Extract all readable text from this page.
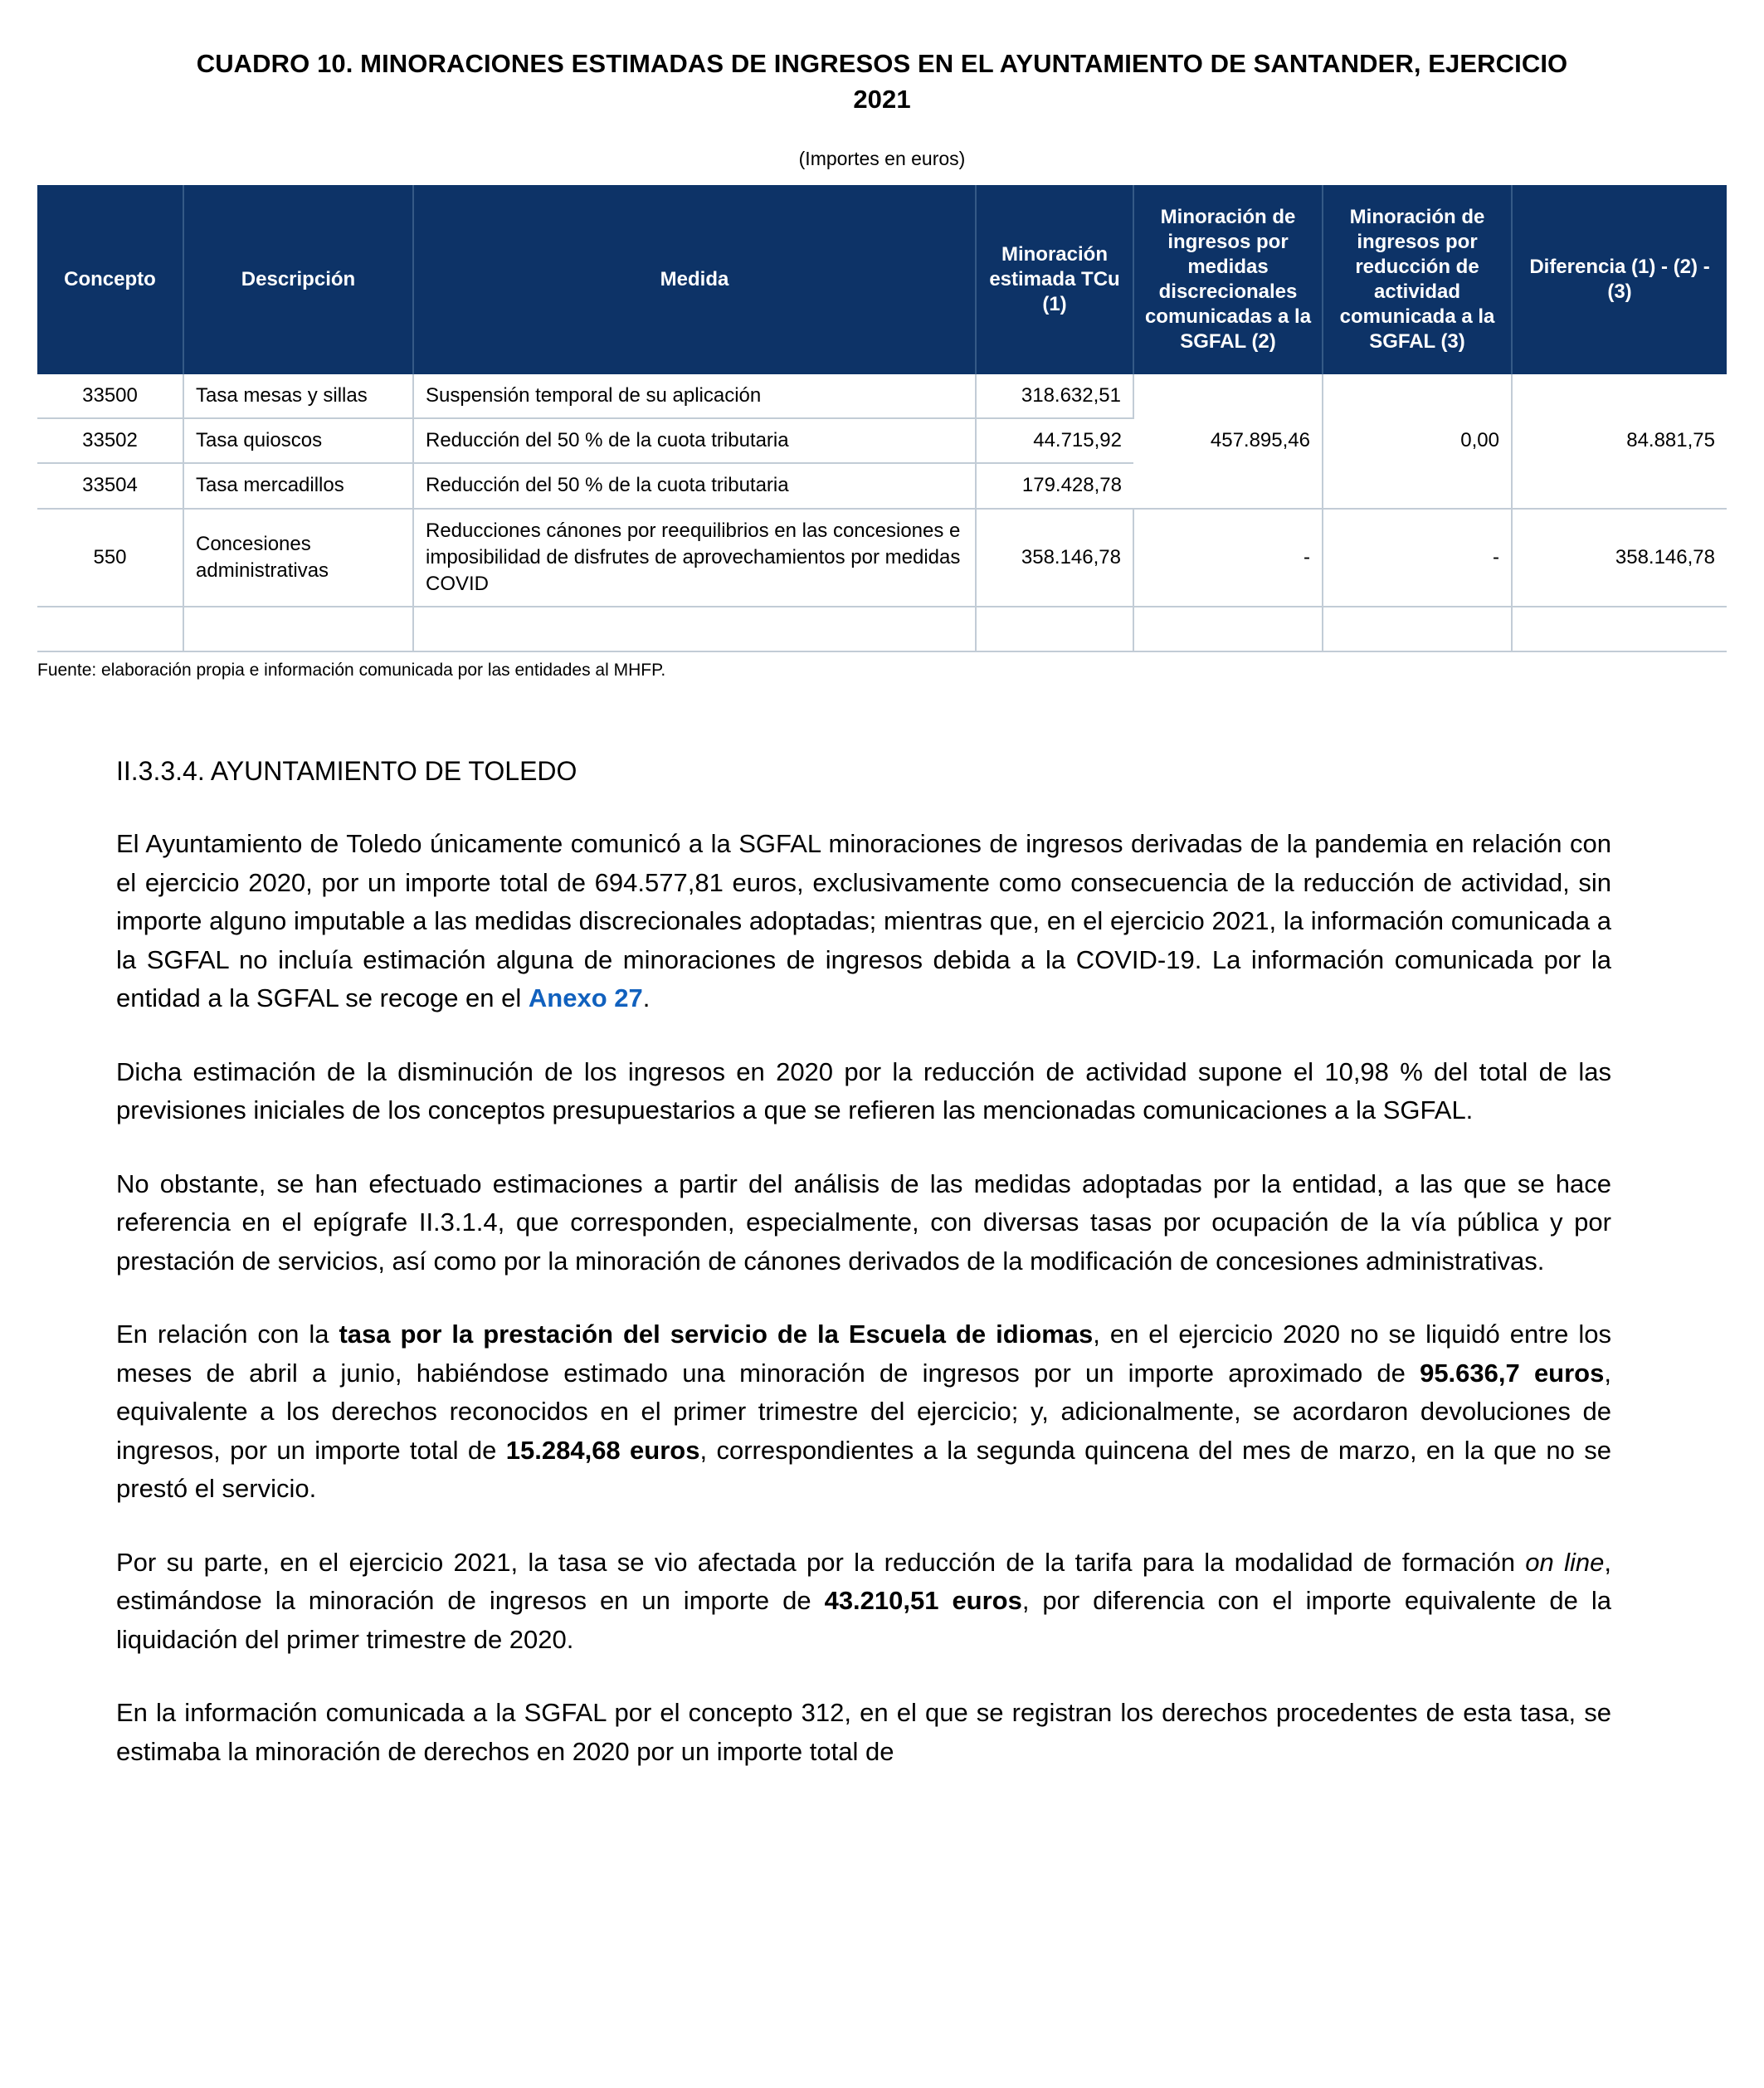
CUADRO 10. MINORACIONES ESTIMADAS DE INGRESOS EN EL AYUNTAMIENTO DE SANTANDER, EJERCICIO 2021
(Importes en euros)
Concepto	Descripción	Medida	Minoración estimada TCu (1)	Minoración de ingresos por medidas discrecionales comunicadas a la SGFAL (2)	Minoración de ingresos por reducción de actividad comunicada a la SGFAL (3)	Diferencia (1) - (2) - (3)
33500	Tasa mesas y sillas	Suspensión temporal de su aplicación	318.632,51	457.895,46	0,00	84.881,75
33502	Tasa quioscos	Reducción del 50 % de la cuota tributaria	44.715,92			
33504	Tasa mercadillos	Reducción del 50 % de la cuota tributaria	179.428,78			
550	Concesiones administrativas	Reducciones cánones por reequilibrios en las concesiones e imposibilidad de disfrutes de aprovechamientos por medidas COVID	358.146,78	-	-	358.146,78
		TOTAL	900.923,99	457.895,46	0,00	443.028,53
Fuente: elaboración propia e información comunicada por las entidades al MHFP.
II.3.3.4. AYUNTAMIENTO DE TOLEDO

El Ayuntamiento de Toledo únicamente comunicó a la SGFAL minoraciones de ingresos derivadas de la pandemia en relación con el ejercicio 2020, por un importe total de 694.577,81 euros, exclusivamente como consecuencia de la reducción de actividad, sin importe alguno imputable a las medidas discrecionales adoptadas; mientras que, en el ejercicio 2021, la información comunicada a la SGFAL no incluía estimación alguna de minoraciones de ingresos debida a la COVID-19. La información comunicada por la entidad a la SGFAL se recoge en el Anexo 27.

Dicha estimación de la disminución de los ingresos en 2020 por la reducción de actividad supone el 10,98 % del total de las previsiones iniciales de los conceptos presupuestarios a que se refieren las mencionadas comunicaciones a la SGFAL.

No obstante, se han efectuado estimaciones a partir del análisis de las medidas adoptadas por la entidad, a las que se hace referencia en el epígrafe II.3.1.4, que corresponden, especialmente, con diversas tasas por ocupación de la vía pública y por prestación de servicios, así como por la minoración de cánones derivados de la modificación de concesiones administrativas.

En relación con la tasa por la prestación del servicio de la Escuela de idiomas, en el ejercicio 2020 no se liquidó entre los meses de abril a junio, habiéndose estimado una minoración de ingresos por un importe aproximado de 95.636,7 euros, equivalente a los derechos reconocidos en el primer trimestre del ejercicio; y, adicionalmente, se acordaron devoluciones de ingresos, por un importe total de 15.284,68 euros, correspondientes a la segunda quincena del mes de marzo, en la que no se prestó el servicio.

Por su parte, en el ejercicio 2021, la tasa se vio afectada por la reducción de la tarifa para la modalidad de formación on line, estimándose la minoración de ingresos en un importe de 43.210,51 euros, por diferencia con el importe equivalente de la liquidación del primer trimestre de 2020.

En la información comunicada a la SGFAL por el concepto 312, en el que se registran los derechos procedentes de esta tasa, se estimaba la minoración de derechos en 2020 por un importe total de
